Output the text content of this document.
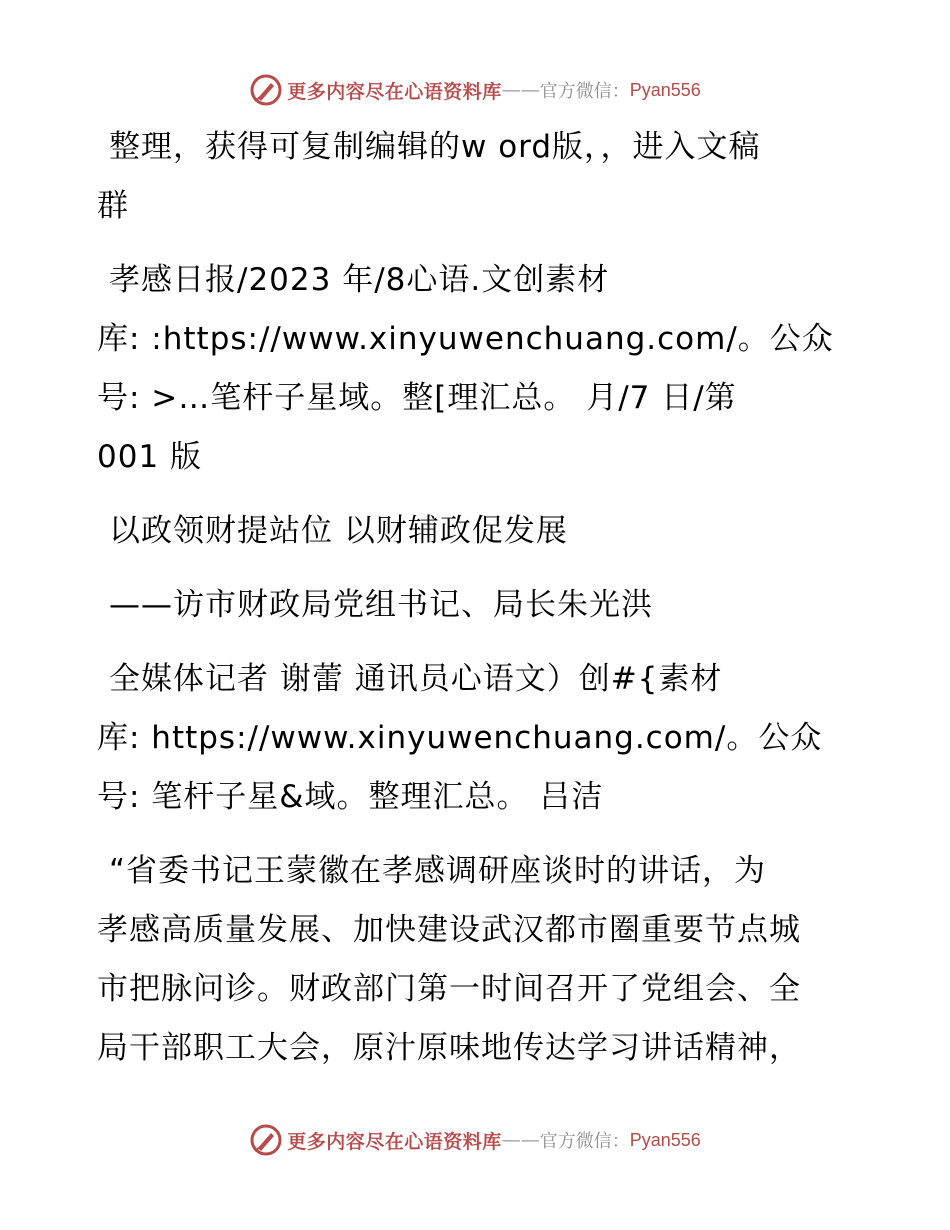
更多内容尽在心语资料库 —— 官方微信： Pyan556
整理，获得可复制编辑的w ord版，，进入文稿
群
孝感日报/2023 年/8心语.文创素材
库: :https://www.xinyuwenchuang.com/。公众
号: >…笔杆子星域。整[理汇总。 月/7 日/第
001 版
以政领财提站位 以财辅政促发展
——访市财政局党组书记、局长朱光洪
全媒体记者 谢蕾 通讯员心语文）创#{素材
库: https://www.xinyuwenchuang.com/。公众
号: 笔杆子星&域。整理汇总。 吕洁
“省委书记王蒙徽在孝感调研座谈时的讲话，为
孝感高质量发展、加快建设武汉都市圈重要节点城
市把脉问诊。财政部门第一时间召开了党组会、全
局干部职工大会，原汁原味地传达学习讲话精神，
更多内容尽在心语资料库 —— 官方微信： Pyan556
